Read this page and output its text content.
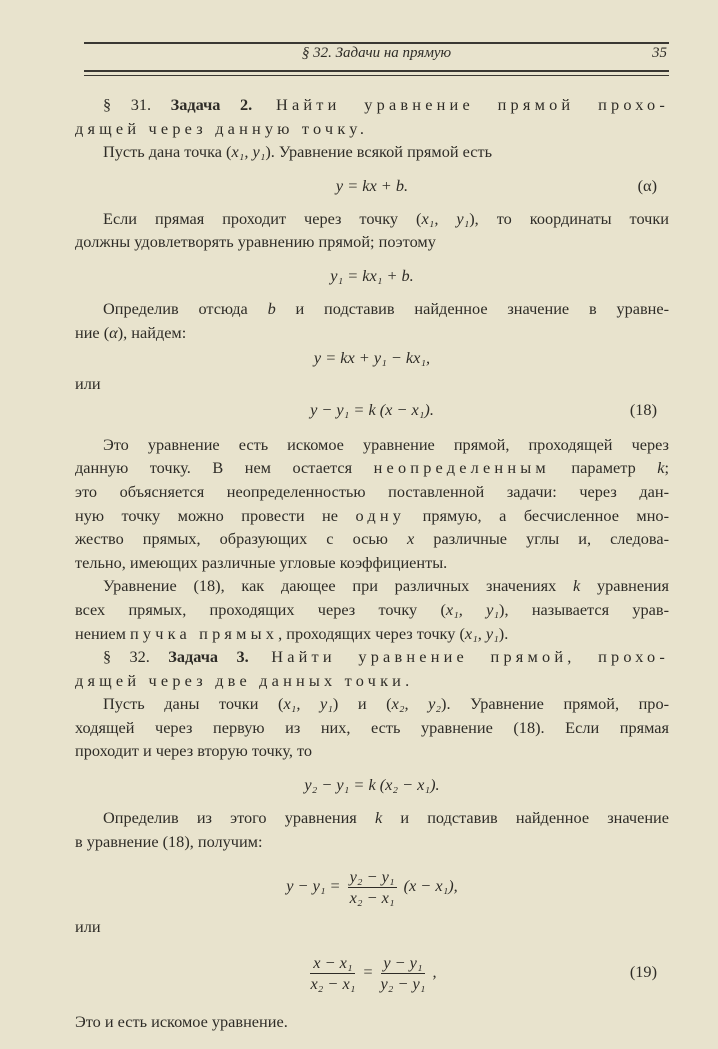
§ 32. Задачи на прямую	35
§ 31. Задача 2. Найти уравнение прямой прохо-
дящей через данную точку.
Пусть дана точка (x₁, y₁). Уравнение всякой прямой есть
y = kx + b.	(α)
Если прямая проходит через точку (x₁, y₁), то координаты точки
должны удовлетворять уравнению прямой; поэтому
y₁ = kx₁ + b.
Определив отсюда b и подставив найденное значение в уравне-
ние (α), найдем:
y = kx + y₁ − kx₁,
или
y − y₁ = k (x − x₁).	(18)
Это уравнение есть искомое уравнение прямой, проходящей через
данную точку. В нем остается неопределенным параметр k;
это объясняется неопределенностью поставленной задачи: через дан-
ную точку можно провести не одну прямую, а бесчисленное мно-
жество прямых, образующих с осью x различные углы и, следова-
тельно, имеющих различные угловые коэффициенты.
Уравнение (18), как дающее при различных значениях k уравнения
всех прямых, проходящих через точку (x₁, y₁), называется урав-
нением пучка прямых, проходящих через точку (x₁, y₁).
§ 32. Задача 3. Найти уравнение прямой, прохо-
дящей через две данных точки.
Пусть даны точки (x₁, y₁) и (x₂, y₂). Уравнение прямой, про-
ходящей через первую из них, есть уравнение (18). Если прямая
проходит и через вторую точку, то
y₂ − y₁ = k (x₂ − x₁).
Определив из этого уравнения k и подставив найденное значение
в уравнение (18), получим:
$y - y_1 = \frac{\text{y₂ − y₁}}{\text{x₂ − x₁}} (x - x_1)$,
или
$\frac{\text{x − x₁}}{\text{x₂ − x₁}} = \frac{\text{y − y₁}}{\text{y₂ − y₁}}$ ,	(19)
Это и есть искомое уравнение.
